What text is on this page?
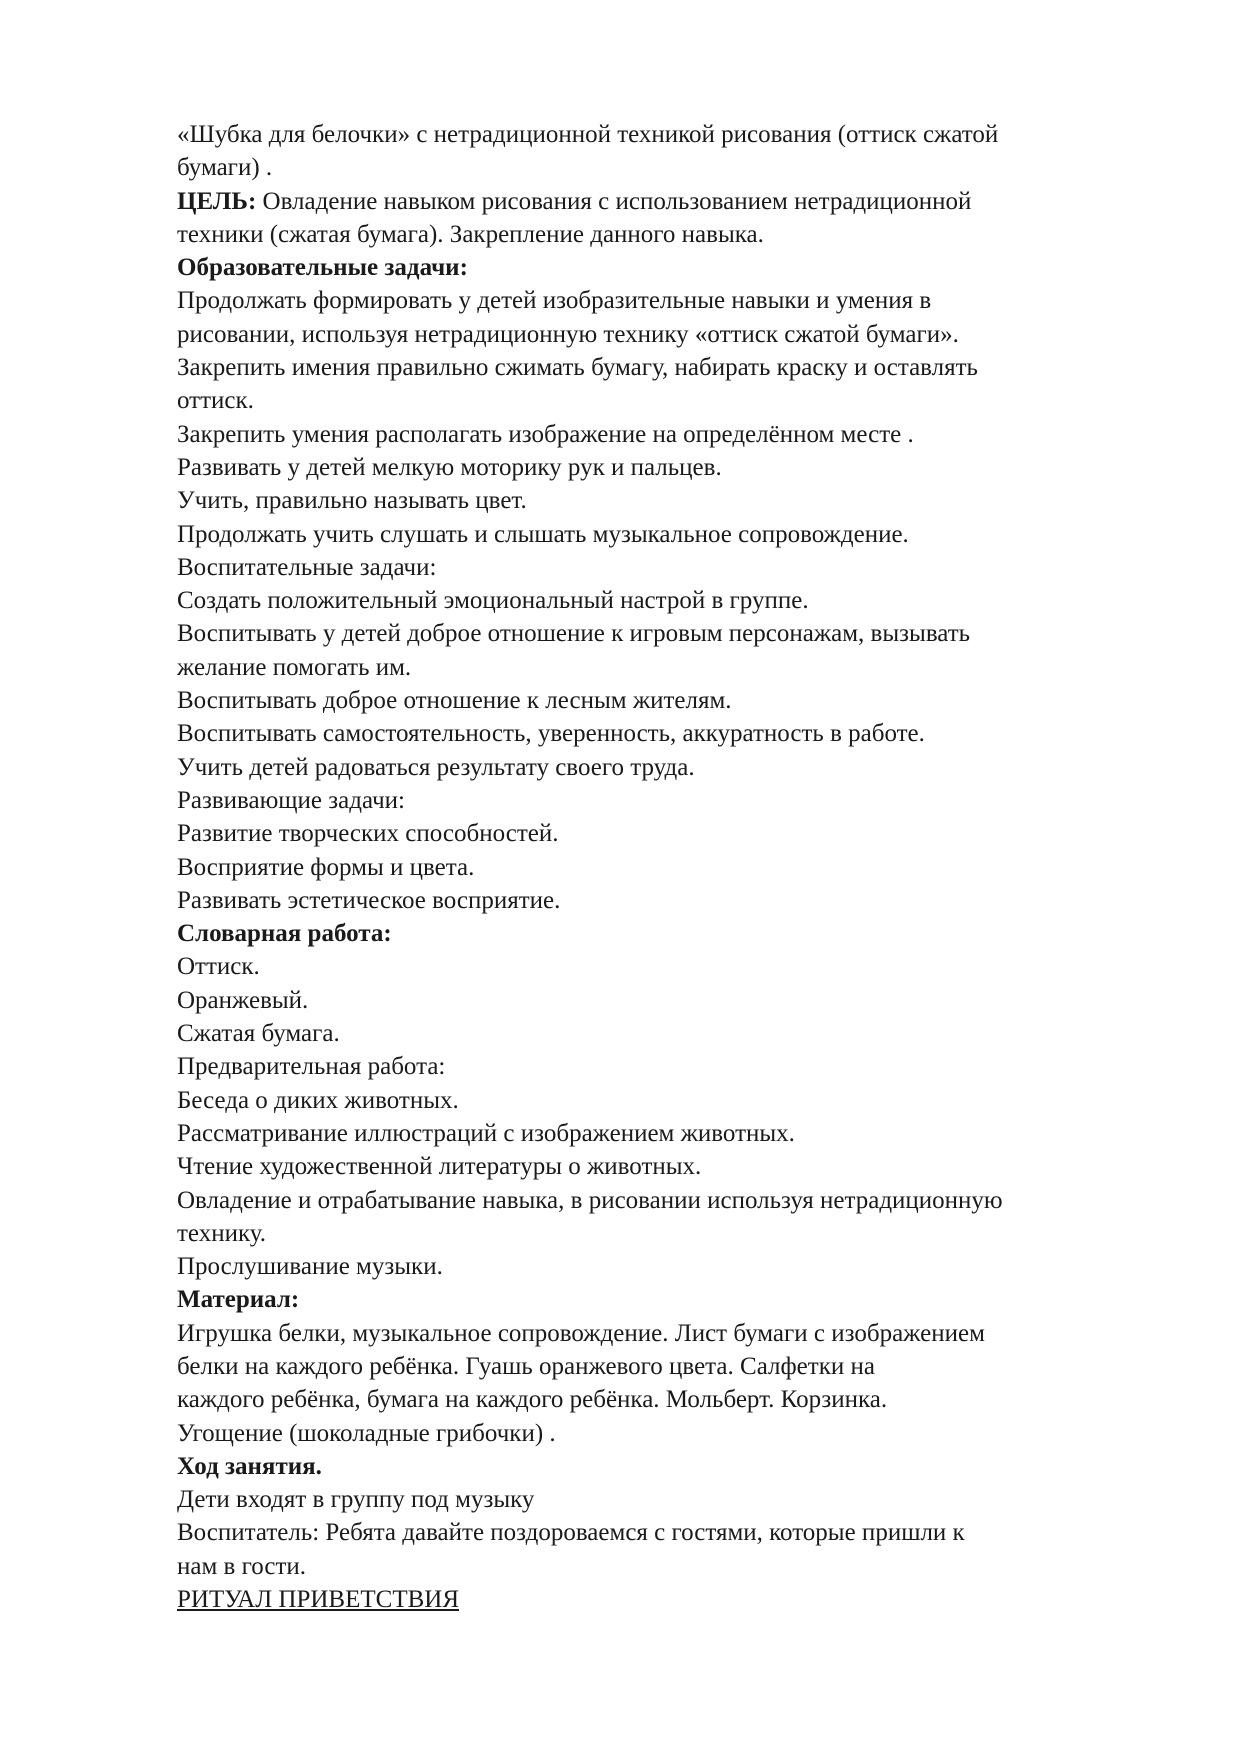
«Шубка для белочки» с нетрадиционной техникой рисования (оттиск сжатой

бумаги) .

ЦЕЛЬ: Овладение навыком рисования с использованием нетрадиционной

техники (сжатая бумага). Закрепление данного навыка.

Образовательные задачи:

Продолжать формировать у детей изобразительные навыки и умения в

рисовании, используя нетрадиционную технику «оттиск сжатой бумаги».

Закрепить имения правильно сжимать бумагу, набирать краску и оставлять

оттиск.

Закрепить умения располагать изображение на определённом месте .

Развивать у детей мелкую моторику рук и пальцев.

Учить, правильно называть цвет.

Продолжать учить слушать и слышать музыкальное сопровождение.

Воспитательные задачи:

Создать положительный эмоциональный настрой в группе.

Воспитывать у детей доброе отношение к игровым персонажам, вызывать

желание помогать им.

Воспитывать доброе отношение к лесным жителям.

Воспитывать самостоятельность, уверенность, аккуратность в работе.

Учить детей радоваться результату своего труда.

Развивающие задачи:

Развитие творческих способностей.

Восприятие формы и цвета.

Развивать эстетическое восприятие.

Словарная работа:

Оттиск.

Оранжевый.

Сжатая бумага.

Предварительная работа:

Беседа о диких животных.

Рассматривание иллюстраций с изображением животных.

Чтение художественной литературы о животных.

Овладение и отрабатывание навыка, в рисовании используя нетрадиционную

технику.

Прослушивание музыки.

Материал:

Игрушка белки, музыкальное сопровождение. Лист бумаги с изображением

белки на каждого ребёнка. Гуашь оранжевого цвета. Салфетки на

каждого ребёнка, бумага на каждого ребёнка. Мольберт. Корзинка.

Угощение (шоколадные грибочки) .

Ход занятия.

Дети входят в группу под музыку

Воспитатель: Ребята давайте поздороваемся с гостями, которые пришли к

нам в гости.

РИТУАЛ ПРИВЕТСТВИЯ
